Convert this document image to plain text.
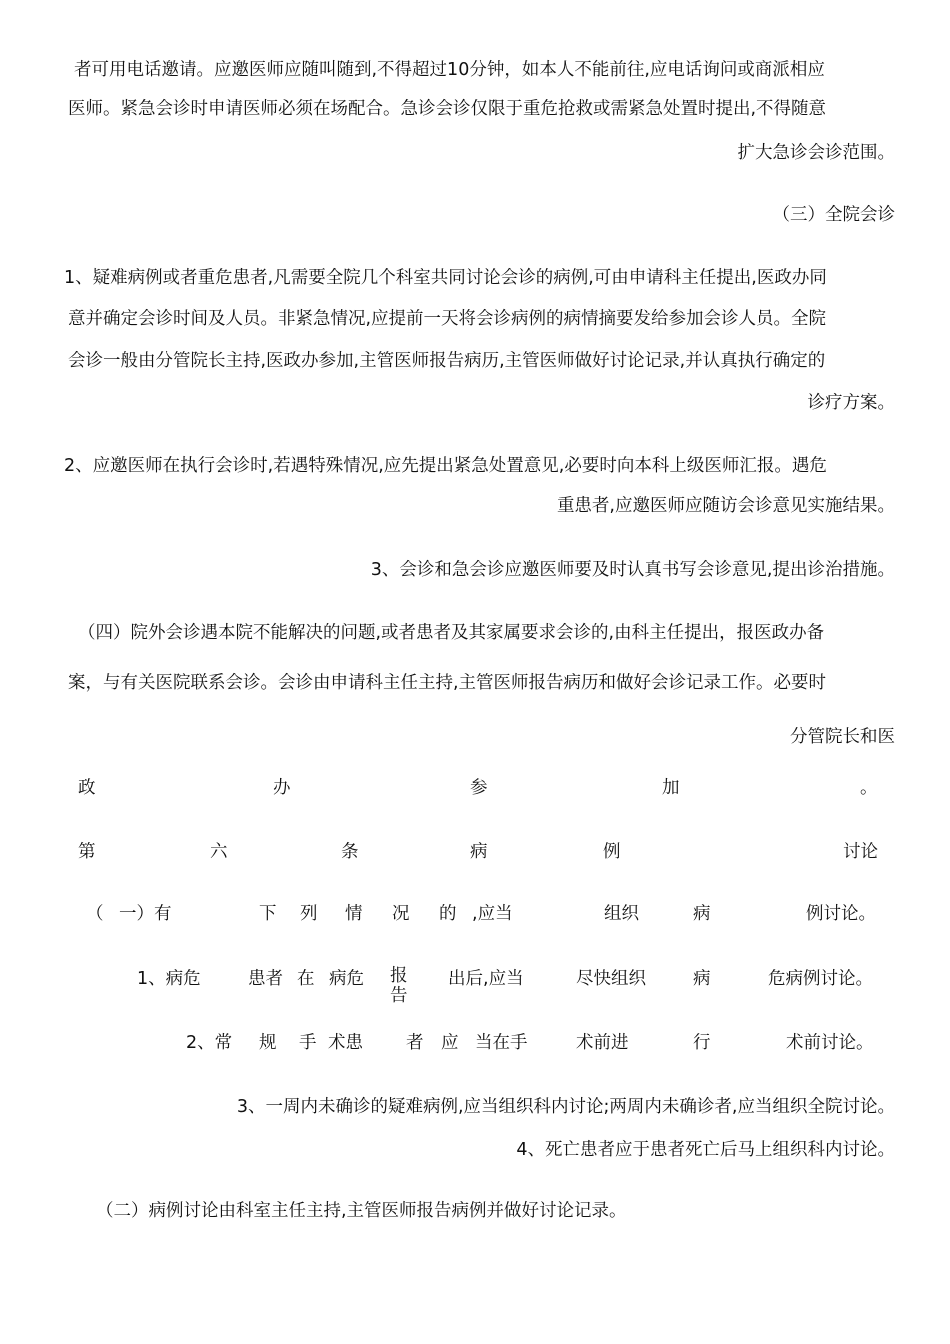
者可用电话邀请。应邀医师应随叫随到,不得超过10分钟，如本人不能前往,应电话询问或商派相应
医师。紧急会诊时申请医师必须在场配合。急诊会诊仅限于重危抢救或需紧急处置时提出,不得随意
扩大急诊会诊范围。
（三）全院会诊
1、疑难病例或者重危患者,凡需要全院几个科室共同讨论会诊的病例,可由申请科主任提出,医政办同
意并确定会诊时间及人员。非紧急情况,应提前一天将会诊病例的病情摘要发给参加会诊人员。全院
会诊一般由分管院长主持,医政办参加,主管医师报告病历,主管医师做好讨论记录,并认真执行确定的
诊疗方案。
2、应邀医师在执行会诊时,若遇特殊情况,应先提出紧急处置意见,必要时向本科上级医师汇报。遇危
重患者,应邀医师应随访会诊意见实施结果。
3、会诊和急会诊应邀医师要及时认真书写会诊意见,提出诊治措施。
（四）院外会诊遇本院不能解决的问题,或者患者及其家属要求会诊的,由科主任提出，报医政办备
案，与有关医院联系会诊。会诊由申请科主任主持,主管医师报告病历和做好会诊记录工作。必要时
分管院长和医
政	办	参	加	。
第	六	条	病	例	讨论
（ 一）有	下 列 情 况 的 ,应当	组织	病	例讨论。
1、病危	患者 在 病危	出后,应当	尽快组织	病	危病例讨论。
报
告
2、常 规 手 术患 者 应 当在手	术前进	行	术前讨论。
3、一周内未确诊的疑难病例,应当组织科内讨论;两周内未确诊者,应当组织全院讨论。
4、死亡患者应于患者死亡后马上组织科内讨论。
（二）病例讨论由科室主任主持,主管医师报告病例并做好讨论记录。
